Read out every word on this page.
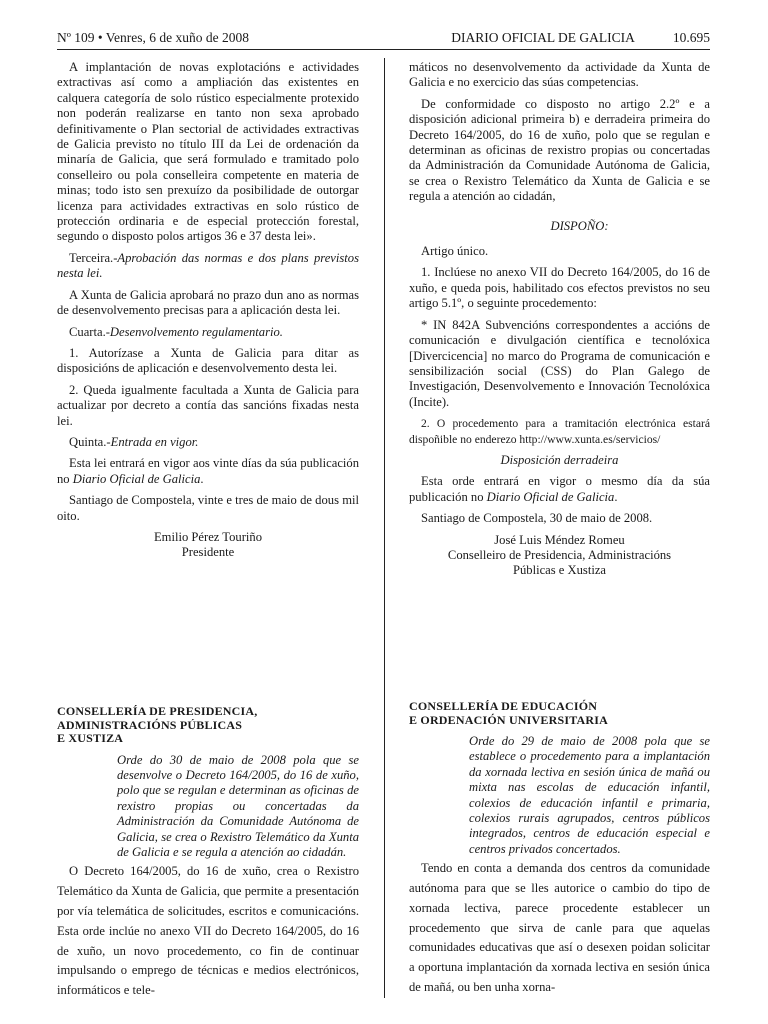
Nº 109 • Venres, 6 de xuño de 2008	DIARIO OFICIAL DE GALICIA	10.695

A implantación de novas explotacións e actividades extractivas así como a ampliación das existentes en calquera categoría de solo rústico especialmente protexido non poderán realizarse en tanto non sexa aprobado definitivamente o Plan sectorial de actividades extractivas de Galicia previsto no título III da Lei de ordenación da minaría de Galicia, que será formulado e tramitado polo conselleiro ou pola conselleira competente en materia de minas; todo isto sen prexuízo da posibilidade de outorgar licenza para actividades extractivas en solo rústico de protección ordinaria e de especial protección forestal, segundo o disposto polos artigos 36 e 37 desta lei».

Terceira.-Aprobación das normas e dos plans previstos nesta lei.

A Xunta de Galicia aprobará no prazo dun ano as normas de desenvolvemento precisas para a aplicación desta lei.

Cuarta.-Desenvolvemento regulamentario.

1. Autorízase a Xunta de Galicia para ditar as disposicións de aplicación e desenvolvemento desta lei.

2. Queda igualmente facultada a Xunta de Galicia para actualizar por decreto a contía das sancións fixadas nesta lei.

Quinta.-Entrada en vigor.

Esta lei entrará en vigor aos vinte días da súa publicación no Diario Oficial de Galicia.

Santiago de Compostela, vinte e tres de maio de dous mil oito.

Emilio Pérez Touriño
Presidente
CONSELLERÍA DE PRESIDENCIA,
ADMINISTRACIÓNS PÚBLICAS
E XUSTIZA
Orde do 30 de maio de 2008 pola que se desenvolve o Decreto 164/2005, do 16 de xuño, polo que se regulan e determinan as oficinas de rexistro propias ou concertadas da Administración da Comunidade Autónoma de Galicia, se crea o Rexistro Telemático da Xunta de Galicia e se regula a atención ao cidadán.

O Decreto 164/2005, do 16 de xuño, crea o Rexistro Telemático da Xunta de Galicia, que permite a presentación por vía telemática de solicitudes, escritos e comunicacións. Esta orde inclúe no anexo VII do Decreto 164/2005, do 16 de xuño, un novo procedemento, co fin de continuar impulsando o emprego de técnicas e medios electrónicos, informáticos e tele-

máticos no desenvolvemento da actividade da Xunta de Galicia e no exercicio das súas competencias.

De conformidade co disposto no artigo 2.2º e a disposición adicional primeira b) e derradeira primeira do Decreto 164/2005, do 16 de xuño, polo que se regulan e determinan as oficinas de rexistro propias ou concertadas da Administración da Comunidade Autónoma de Galicia, se crea o Rexistro Telemático da Xunta de Galicia e se regula a atención ao cidadán,

DISPOÑO:

Artigo único.

1. Inclúese no anexo VII do Decreto 164/2005, do 16 de xuño, e queda pois, habilitado cos efectos previstos no seu artigo 5.1º, o seguinte procedemento:

* IN 842A Subvencións correspondentes a accións de comunicación e divulgación científica e tecnolóxica [Divercicencia] no marco do Programa de comunicación e sensibilización social (CSS) do Plan Galego de Investigación, Desenvolvemento e Innovación Tecnolóxica (Incite).

2. O procedemento para a tramitación electrónica estará dispoñible no enderezo http://www.xunta.es/servicios/

Disposición derradeira

Esta orde entrará en vigor o mesmo día da súa publicación no Diario Oficial de Galicia.

Santiago de Compostela, 30 de maio de 2008.

José Luis Méndez Romeu
Conselleiro de Presidencia, Administracións
Públicas e Xustiza
CONSELLERÍA DE EDUCACIÓN
E ORDENACIÓN UNIVERSITARIA
Orde do 29 de maio de 2008 pola que se establece o procedemento para a implantación da xornada lectiva en sesión única de mañá ou mixta nas escolas de educación infantil, colexios de educación infantil e primaria, colexios rurais agrupados, centros públicos integrados, centros de educación especial e centros privados concertados.

Tendo en conta a demanda dos centros da comunidade autónoma para que se lles autorice o cambio do tipo de xornada lectiva, parece procedente establecer un procedemento que sirva de canle para que aquelas comunidades educativas que así o desexen poidan solicitar a oportuna implantación da xornada lectiva en sesión única de mañá, ou ben unha xorna-
